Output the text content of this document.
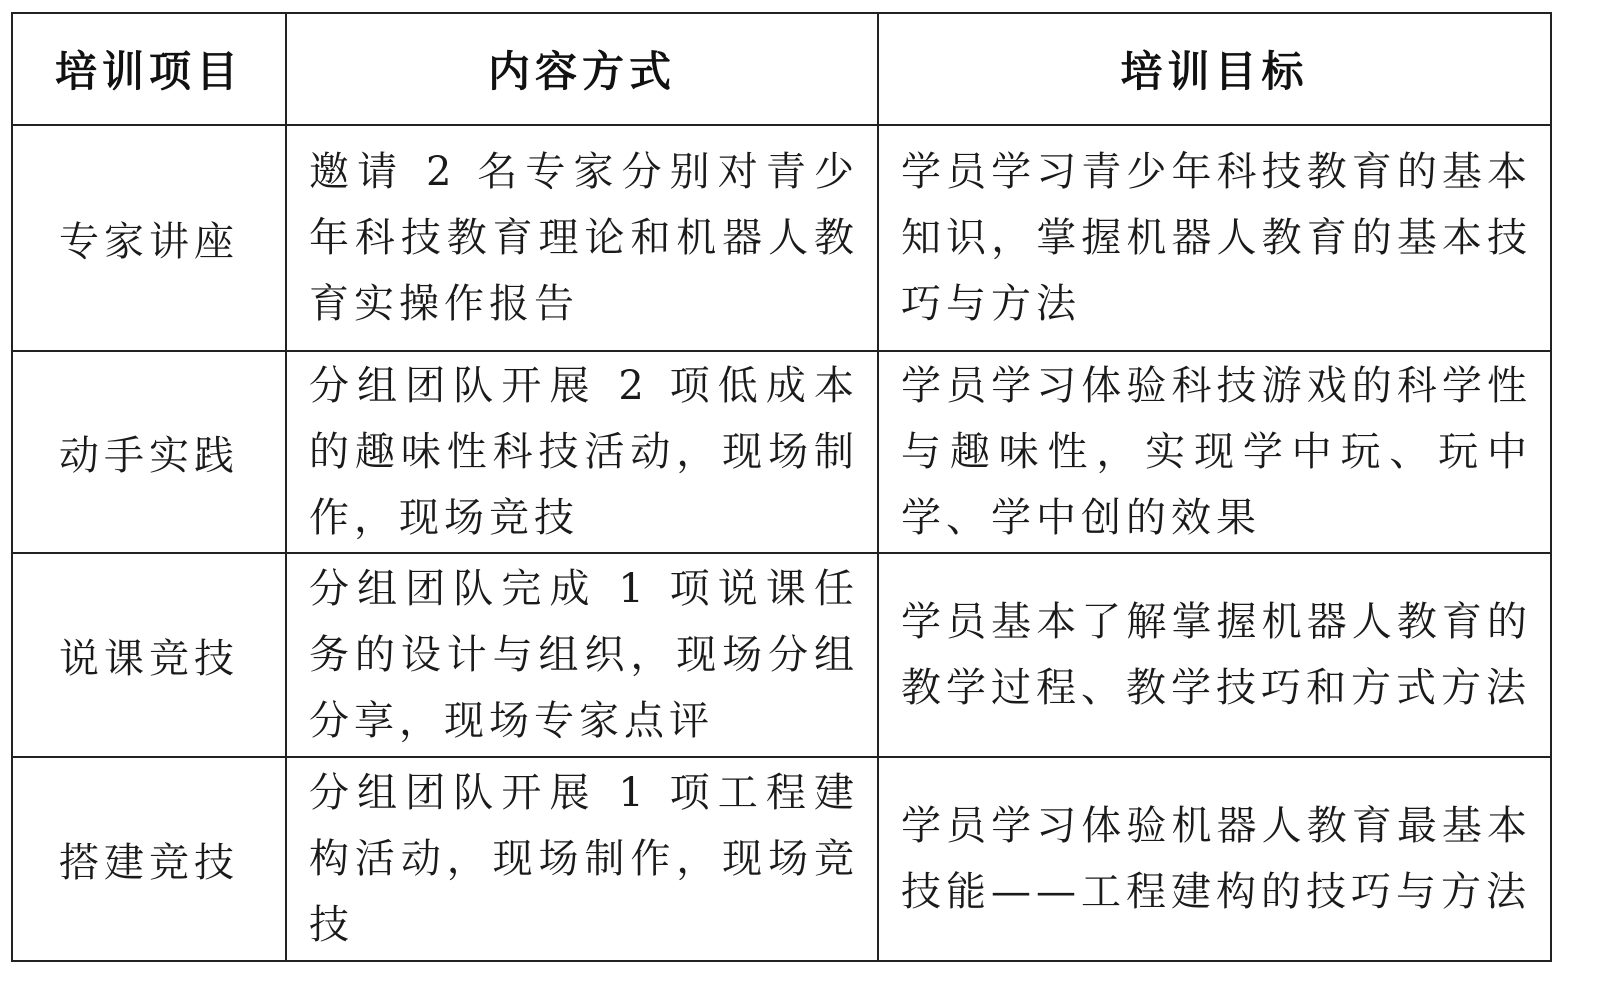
培训项目	内容方式	培训目标
专家讲座	邀请 2 名专家分别对青少年科技教育理论和机器人教育实操作报告	学员学习青少年科技教育的基本知识，掌握机器人教育的基本技巧与方法

动手实践	分组团队开展 2 项低成本的趣味性科技活动，现场制作，现场竞技	学员学习体验科技游戏的科学性与趣味性，实现学中玩、玩中学、学中创的效果

说课竞技	分组团队完成 1 项说课任务的设计与组织，现场分组分享，现场专家点评	学员基本了解掌握机器人教育的教学过程、教学技巧和方式方法

搭建竞技	分组团队开展 1 项工程建构活动，现场制作，现场竞技	学员学习体验机器人教育最基本技能——工程建构的技巧与方法
